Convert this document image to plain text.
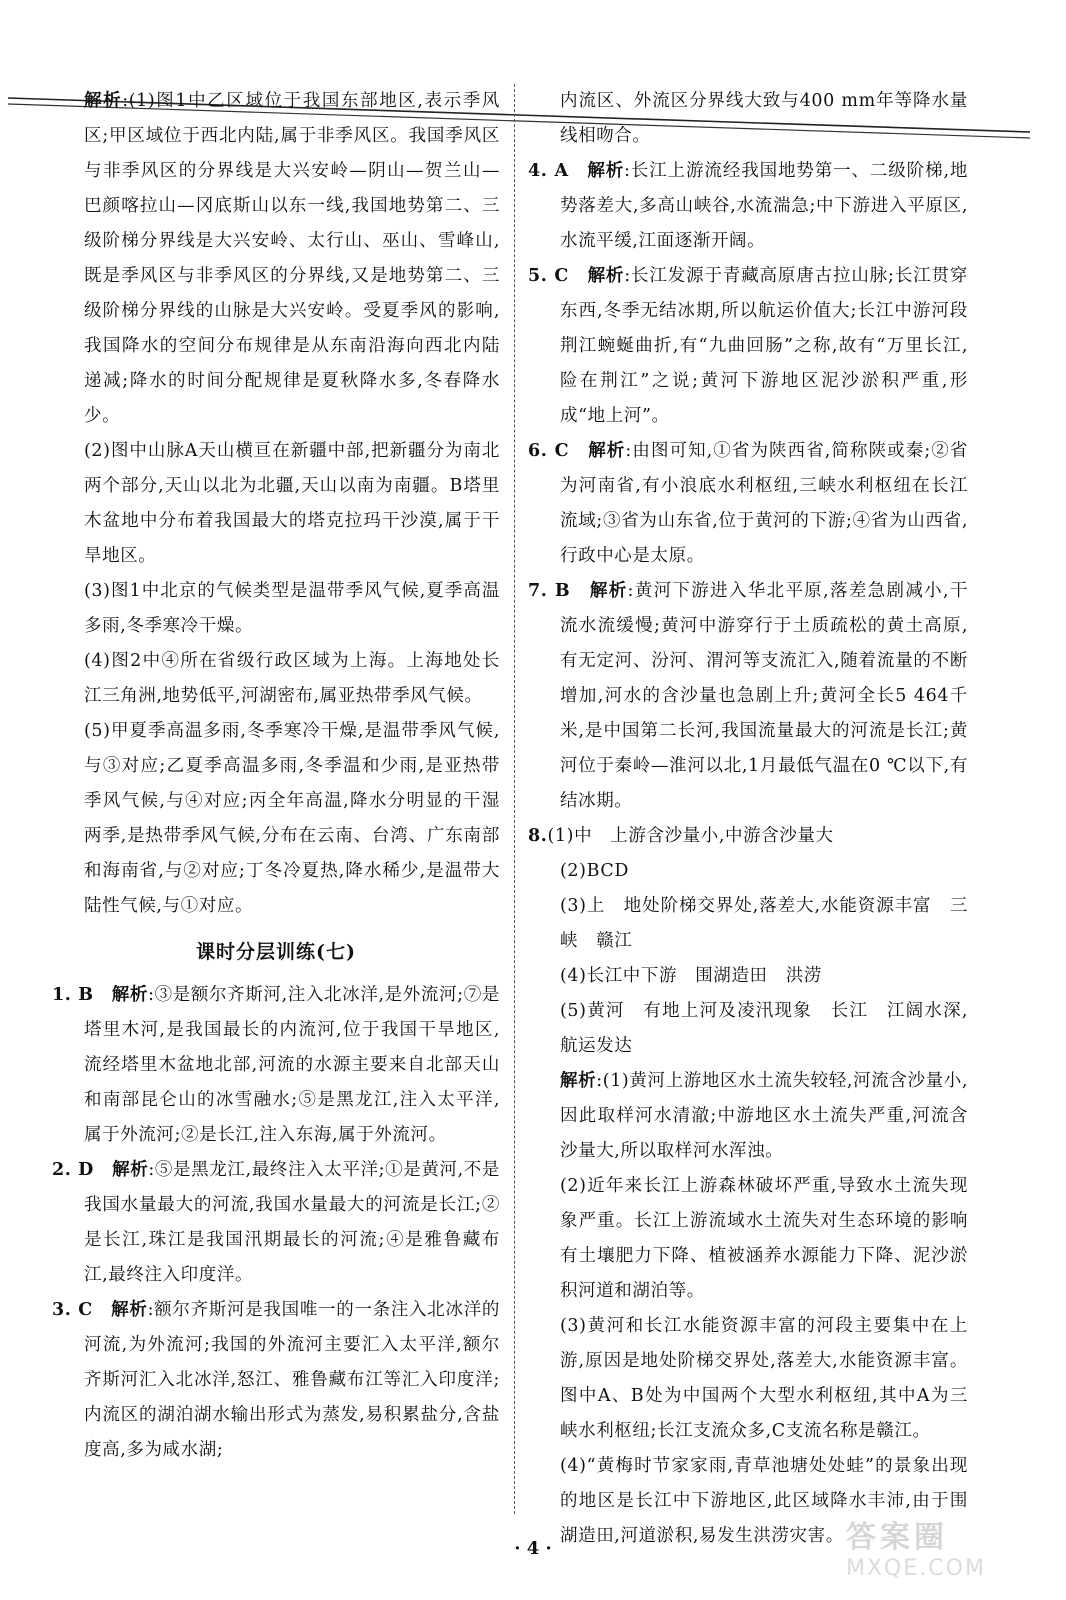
解析:(1)图1中乙区域位于我国东部地区,表示季风区;甲区域位于西北内陆,属于非季风区。我国季风区与非季风区的分界线是大兴安岭—阴山—贺兰山—巴颜喀拉山—冈底斯山以东一线,我国地势第二、三级阶梯分界线是大兴安岭、太行山、巫山、雪峰山,既是季风区与非季风区的分界线,又是地势第二、三级阶梯分界线的山脉是大兴安岭。受夏季风的影响,我国降水的空间分布规律是从东南沿海向西北内陆递减;降水的时间分配规律是夏秋降水多,冬春降水少。

(2)图中山脉A天山横亘在新疆中部,把新疆分为南北两个部分,天山以北为北疆,天山以南为南疆。B塔里木盆地中分布着我国最大的塔克拉玛干沙漠,属于干旱地区。

(3)图1中北京的气候类型是温带季风气候,夏季高温多雨,冬季寒冷干燥。

(4)图2中④所在省级行政区域为上海。上海地处长江三角洲,地势低平,河湖密布,属亚热带季风气候。

(5)甲夏季高温多雨,冬季寒冷干燥,是温带季风气候,与③对应;乙夏季高温多雨,冬季温和少雨,是亚热带季风气候,与④对应;丙全年高温,降水分明显的干湿两季,是热带季风气候,分布在云南、台湾、广东南部和海南省,与②对应;丁冬冷夏热,降水稀少,是温带大陆性气候,与①对应。

课时分层训练(七)

1. B　 解析:③是额尔齐斯河,注入北冰洋,是外流河;⑦是塔里木河,是我国最长的内流河,位于我国干旱地区,流经塔里木盆地北部,河流的水源主要来自北部天山和南部昆仑山的冰雪融水;⑤是黑龙江,注入太平洋,属于外流河;②是长江,注入东海,属于外流河。

2. D　 解析:⑤是黑龙江,最终注入太平洋;①是黄河,不是我国水量最大的河流,我国水量最大的河流是长江;②是长江,珠江是我国汛期最长的河流;④是雅鲁藏布江,最终注入印度洋。

3. C　 解析:额尔齐斯河是我国唯一的一条注入北冰洋的河流,为外流河;我国的外流河主要汇入太平洋,额尔齐斯河汇入北冰洋,怒江、雅鲁藏布江等汇入印度洋;内流区的湖泊湖水输出形式为蒸发,易积累盐分,含盐度高,多为咸水湖;

内流区、外流区分界线大致与400 mm年等降水量线相吻合。

4. A　 解析:长江上游流经我国地势第一、二级阶梯,地势落差大,多高山峡谷,水流湍急;中下游进入平原区,水流平缓,江面逐渐开阔。

5. C　 解析:长江发源于青藏高原唐古拉山脉;长江贯穿东西,冬季无结冰期,所以航运价值大;长江中游河段荆江蜿蜒曲折,有“九曲回肠”之称,故有“万里长江,险在荆江”之说;黄河下游地区泥沙淤积严重,形成“地上河”。

6. C　 解析:由图可知,①省为陕西省,简称陕或秦;②省为河南省,有小浪底水利枢纽,三峡水利枢纽在长江流域;③省为山东省,位于黄河的下游;④省为山西省,行政中心是太原。

7. B　 解析:黄河下游进入华北平原,落差急剧减小,干流水流缓慢;黄河中游穿行于土质疏松的黄土高原,有无定河、汾河、渭河等支流汇入,随着流量的不断增加,河水的含沙量也急剧上升;黄河全长5 464千米,是中国第二长河,我国流量最大的河流是长江;黄河位于秦岭—淮河以北,1月最低气温在0 ℃以下,有结冰期。

8.(1)中　上游含沙量小,中游含沙量大

(2)BCD

(3)上　地处阶梯交界处,落差大,水能资源丰富　三峡　赣江

(4)长江中下游　围湖造田　洪涝

(5)黄河　有地上河及凌汛现象　长江　江阔水深,航运发达

解析:(1)黄河上游地区水土流失较轻,河流含沙量小,因此取样河水清澈;中游地区水土流失严重,河流含沙量大,所以取样河水浑浊。

(2)近年来长江上游森林破坏严重,导致水土流失现象严重。长江上游流域水土流失对生态环境的影响有土壤肥力下降、植被涵养水源能力下降、泥沙淤积河道和湖泊等。

(3)黄河和长江水能资源丰富的河段主要集中在上游,原因是地处阶梯交界处,落差大,水能资源丰富。图中A、B处为中国两个大型水利枢纽,其中A为三峡水利枢纽;长江支流众多,C支流名称是赣江。

(4)“黄梅时节家家雨,青草池塘处处蛙”的景象出现的地区是长江中下游地区,此区域降水丰沛,由于围湖造田,河道淤积,易发生洪涝灾害。

· 4 ·	答案圈
MXQE.COM
